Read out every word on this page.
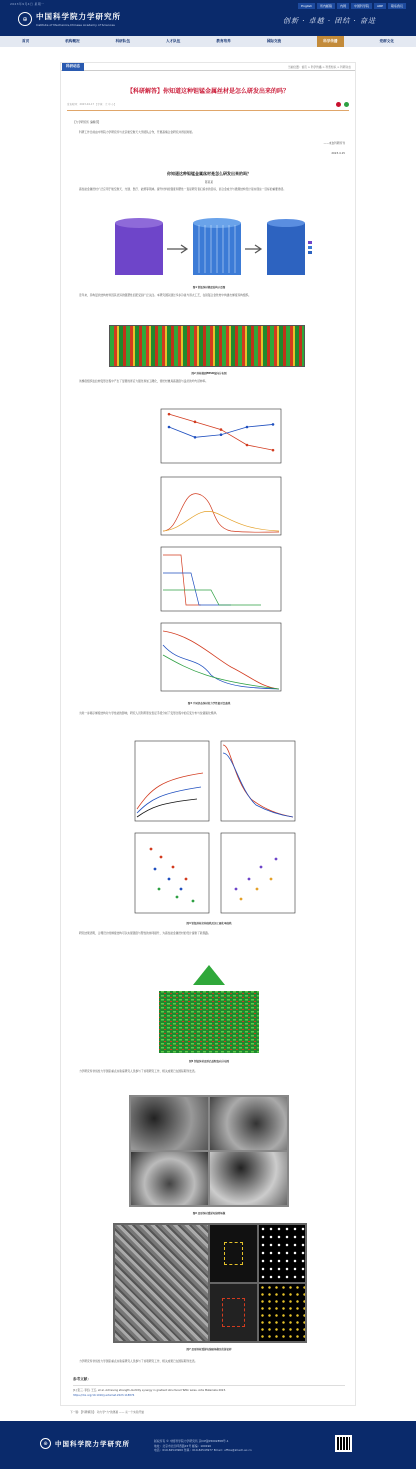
2023年9月4日 星期一
⊕	中国科学院力学研究所
Institute of Mechanics,Chinese Academy of Sciences
English	所内邮箱	内网	中国科学院	ARP	联系我们
创新 · 卓越 · 团结 · 奋进
首页	机构概况	科研队伍	人才队伍	教育培养	国际交流	科学传播	党群文化
科研动态	当前位置：首页 > 科学传播 > 科普知识 > 科研动态
【科研解答】你知道这种钽锰金属丝材是怎么研发出来的吗？
发布时间：2023-04-17 【字体：大 中 小】
【力学研究所 编辑部】
科研工作日前由中科院力学研究所与北京航空航天大学团队合作，开展高熵合金研究并得到进展。
——来自科研所刊
2023.4.15
你知道这种钽锰金属丝材是怎么研发出来的吗？
陈某某
高性能金属丝材广泛应用于航空航天、交通、医疗、能源等领域。提升材料的强度和塑性一直是研究者们追求的目标，而合金成分与微观结构设计是实现这一目标的重要途径。
图1 钽锰丝材梯度结构示意图
近年来，异构层状结构材料因其优异的强塑性匹配受到广泛关注。本研究团队通过多步冷拔与退火工艺，在钽锰合金丝材中构建出梯度异构组织。
图2 丝材截面EBSD取向分布图
该梯度组织在拉伸变形过程中产生了显著的背应力强化和加工硬化，使丝材兼具高强度与良好的均匀延伸率。
图3 不同状态丝材的力学性能对比曲线
为进一步揭示梯度结构对力学性能的影响，研究人员利用原位表征手段分析了变形过程中的应变分布与位错演化规律。
图4 钽锰丝材拉伸曲线及加工硬化率曲线
研究结果表明，合理设计的梯度结构可以实现强度与塑性的协同提升，为高性能金属丝材的设计提供了新思路。
图5 钽锰丝材变形后晶粒取向分布图
力学研究所非线性力学国家重点实验室研究人员参与了该项研究工作，相关成果已在国际期刊发表。
图6 变形丝材透射电镜明场像
图7 变形丝材透射电镜暗场像及衍射花样
力学研究所非线性力学国家重点实验室研究人员参与了该项研究工作，相关成果已在国际期刊发表。
参考文献：
[1] 张三, 李四, 王五, et al. Achieving strength-ductility synergy in gradient structured TaMn wires. Acta Materialia 2023.
https://doi.org/10.1016/j.actamat.2023.118876
下一篇：【科研解答】：动力学"力"的奥秘 —— 从一个实验开始
⊕	中国科学院力学研究所	版权所有 © 中国科学院力学研究所 京ICP备05002858号-1
地址：北京市北四环西路15号 邮编：100190
电话：010-82543900 传真：010-82543977 Email：office@imech.ac.cn
